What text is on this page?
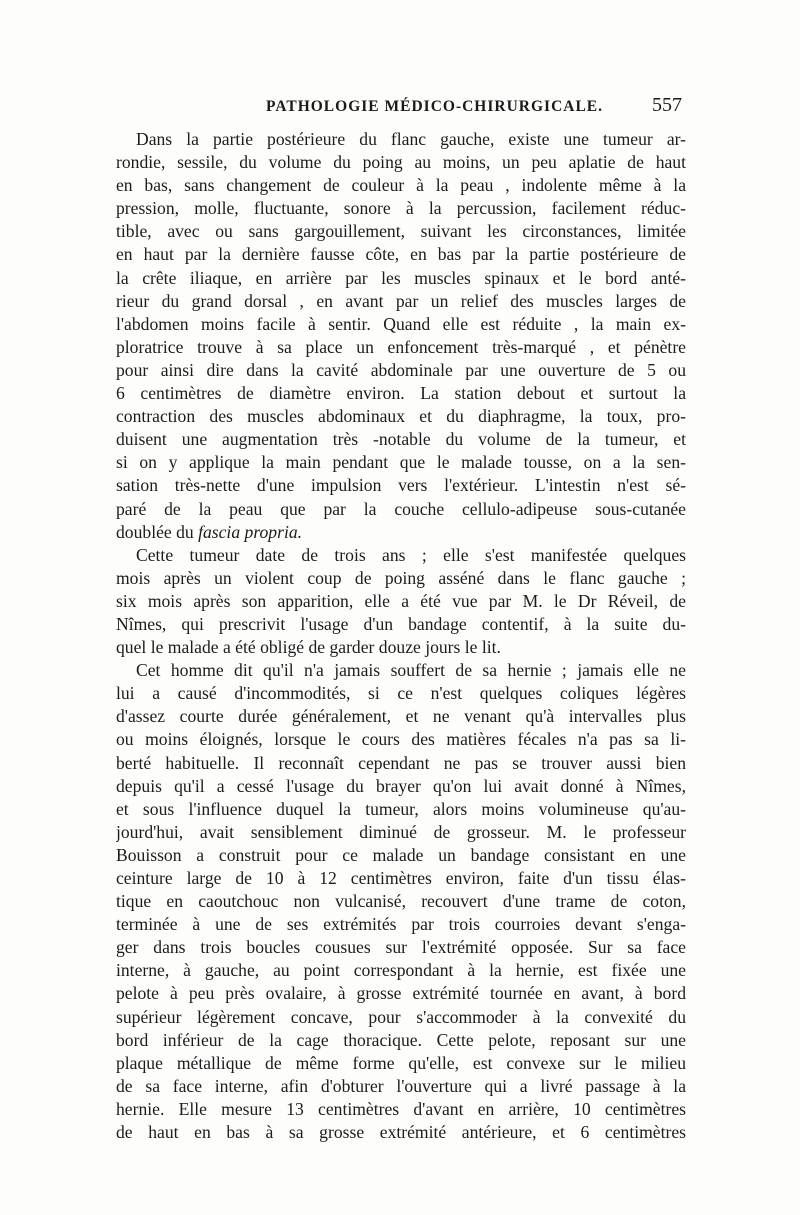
PATHOLOGIE MÉDICO-CHIRURGICALE. 557
Dans la partie postérieure du flanc gauche, existe une tumeur ar-
rondie, sessile, du volume du poing au moins, un peu aplatie de haut
en bas, sans changement de couleur à la peau , indolente même à la
pression, molle, fluctuante, sonore à la percussion, facilement réduc-
tible, avec ou sans gargouillement, suivant les circonstances, limitée
en haut par la dernière fausse côte, en bas par la partie postérieure de
la crête iliaque, en arrière par les muscles spinaux et le bord anté-
rieur du grand dorsal , en avant par un relief des muscles larges de
l'abdomen moins facile à sentir. Quand elle est réduite , la main ex-
ploratrice trouve à sa place un enfoncement très-marqué , et pénètre
pour ainsi dire dans la cavité abdominale par une ouverture de 5 ou
6 centimètres de diamètre environ. La station debout et surtout la
contraction des muscles abdominaux et du diaphragme, la toux, pro-
duisent une augmentation très -notable du volume de la tumeur, et
si on y applique la main pendant que le malade tousse, on a la sen-
sation très-nette d'une impulsion vers l'extérieur. L'intestin n'est sé-
paré de la peau que par la couche cellulo-adipeuse sous-cutanée
doublée du fascia propria.
Cette tumeur date de trois ans ; elle s'est manifestée quelques
mois après un violent coup de poing asséné dans le flanc gauche ;
six mois après son apparition, elle a été vue par M. le Dr Réveil, de
Nîmes, qui prescrivit l'usage d'un bandage contentif, à la suite du-
quel le malade a été obligé de garder douze jours le lit.
Cet homme dit qu'il n'a jamais souffert de sa hernie ; jamais elle ne
lui a causé d'incommodités, si ce n'est quelques coliques légères
d'assez courte durée généralement, et ne venant qu'à intervalles plus
ou moins éloignés, lorsque le cours des matières fécales n'a pas sa li-
berté habituelle. Il reconnaît cependant ne pas se trouver aussi bien
depuis qu'il a cessé l'usage du brayer qu'on lui avait donné à Nîmes,
et sous l'influence duquel la tumeur, alors moins volumineuse qu'au-
jourd'hui, avait sensiblement diminué de grosseur. M. le professeur
Bouisson a construit pour ce malade un bandage consistant en une
ceinture large de 10 à 12 centimètres environ, faite d'un tissu élas-
tique en caoutchouc non vulcanisé, recouvert d'une trame de coton,
terminée à une de ses extrémités par trois courroies devant s'enga-
ger dans trois boucles cousues sur l'extrémité opposée. Sur sa face
interne, à gauche, au point correspondant à la hernie, est fixée une
pelote à peu près ovalaire, à grosse extrémité tournée en avant, à bord
supérieur légèrement concave, pour s'accommoder à la convexité du
bord inférieur de la cage thoracique. Cette pelote, reposant sur une
plaque métallique de même forme qu'elle, est convexe sur le milieu
de sa face interne, afin d'obturer l'ouverture qui a livré passage à la
hernie. Elle mesure 13 centimètres d'avant en arrière, 10 centimètres
de haut en bas à sa grosse extrémité antérieure, et 6 centimètres
